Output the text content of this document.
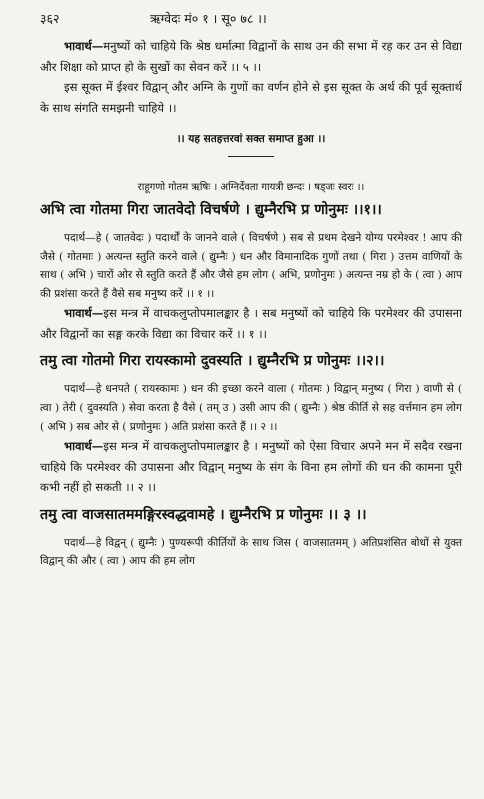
३६२	ऋग्वेदः मं० १ । सू० ७८ ।।

भावार्थ—मनुष्यों को चाहिये कि श्रेष्ठ धर्मात्मा विद्वानों के साथ उन की सभा में रह कर उन से विद्या और शिक्षा को प्राप्त हो के सुखों का सेवन करें ।। ५ ।।

इस सूक्त में ईश्वर विद्वान् और अग्नि के गुणों का वर्णन होने से इस सूक्त के अर्थ की पूर्व सूक्तार्थ के साथ संगति समझनी चाहिये ।।

।। यह सतहत्तरवां सक्त समाप्त हुआ ।।

राहूगणो गोतम ऋषिः । अग्निर्देवता गायत्री छन्दः । षड्जः स्वरः ।।

अभि त्वा गोतमा गिरा जातवेदो विचर्षणे । द्युम्नैरभि प्र णोनुमः ।।१।।

पदार्थ—हे ( जातवेदः ) पदार्थों के जानने वाले ( विचर्षणे ) सब से प्रथम देखने योग्य परमेश्वर ! आप की जैसे ( गोतमाः ) अत्यन्त स्तुति करने वाले ( द्युम्नैः ) धन और विमानादिक गुणों तथा ( गिरा ) उत्तम वाणियों के साथ ( अभि ) चारों ओर से स्तुति करते हैं और जैसे हम लोग ( अभि, प्रणोनुमः ) अत्यन्त नम्र हो के ( त्वा ) आप की प्रशंसा करते हैं वैसे सब मनुष्य करें ।। १ ।।

भावार्थ—इस मन्त्र में वाचकलुप्तोपमालङ्कार है । सब मनुष्यों को चाहिये कि परमेश्वर की उपासना और विद्वानों का सङ्ग करके विद्या का विचार करें ।। १ ।।

तमु त्वा गोतमो गिरा रायस्कामो दुवस्यति । द्युम्नैरभि प्र णोनुमः ।।२।।

पदार्थ—हे धनपते ( रायस्कामः ) धन की इच्छा करने वाला ( गोतमः ) विद्वान् मनुष्य ( गिरा ) वाणी से ( त्वा ) तेरी ( दुवस्यति ) सेवा करता है वैसे ( तम् उ ) उसी आप की ( द्युम्नैः ) श्रेष्ठ कीर्ति से सह वर्त्तमान हम लोग ( अभि ) सब ओर से ( प्रणोनुमः ) अति प्रशंसा करते हैं ।। २ ।।

भावार्थ—इस मन्त्र में वाचकलुप्तोपमालङ्कार है । मनुष्यों को ऐसा विचार अपने मन में सदैव रखना चाहिये कि परमेश्वर की उपासना और विद्वान् मनुष्य के संग के विना हम लोगों की धन की कामना पूरी कभी नहीं हो सकती ।। २ ।।

तमु त्वा वाजसातममङ्गिरस्वद्धवामहे । द्युम्नैरभि प्र णोनुमः ।। ३ ।।

पदार्थ—हे विद्वन् ( द्युम्नैः ) पुण्यरूपी कीर्तियों के साथ जिस ( वाजसातमम् ) अतिप्रशंसित बोधों से युक्त विद्वान् की और ( त्वा ) आप की हम लोग
